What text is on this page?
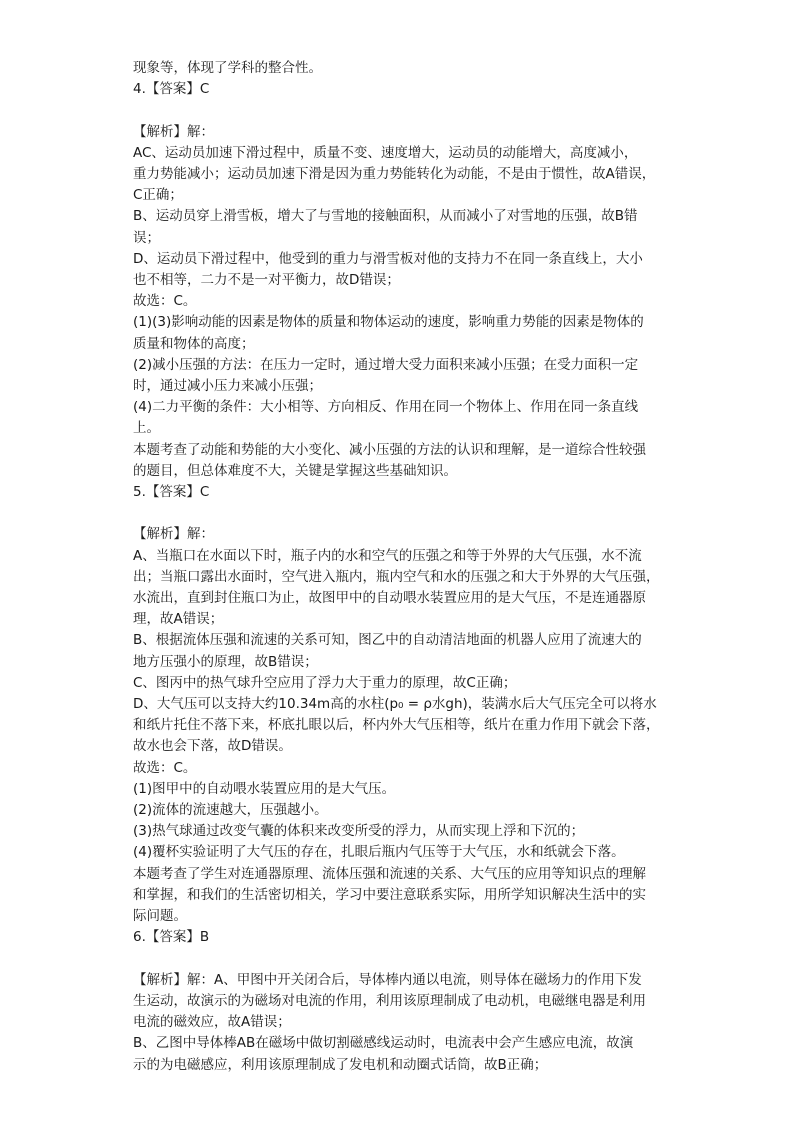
现象等，体现了学科的整合性。
4.【答案】C
【解析】解：
AC、运动员加速下滑过程中，质量不变、速度增大，运动员的动能增大，高度减小，
重力势能减小；运动员加速下滑是因为重力势能转化为动能，不是由于惯性，故A错误，
C正确；
B、运动员穿上滑雪板，增大了与雪地的接触面积，从而减小了对雪地的压强，故B错
误；
D、运动员下滑过程中，他受到的重力与滑雪板对他的支持力不在同一条直线上，大小
也不相等，二力不是一对平衡力，故D错误；
故选：C。
(1)(3)影响动能的因素是物体的质量和物体运动的速度，影响重力势能的因素是物体的
质量和物体的高度；
(2)减小压强的方法：在压力一定时，通过增大受力面积来减小压强；在受力面积一定
时，通过减小压力来减小压强；
(4)二力平衡的条件：大小相等、方向相反、作用在同一个物体上、作用在同一条直线
上。
本题考查了动能和势能的大小变化、减小压强的方法的认识和理解，是一道综合性较强
的题目，但总体难度不大，关键是掌握这些基础知识。
5.【答案】C
【解析】解：
A、当瓶口在水面以下时，瓶子内的水和空气的压强之和等于外界的大气压强，水不流
出；当瓶口露出水面时，空气进入瓶内，瓶内空气和水的压强之和大于外界的大气压强，
水流出，直到封住瓶口为止，故图甲中的自动喂水装置应用的是大气压，不是连通器原
理，故A错误；
B、根据流体压强和流速的关系可知，图乙中的自动清洁地面的机器人应用了流速大的
地方压强小的原理，故B错误；
C、图丙中的热气球升空应用了浮力大于重力的原理，故C正确；
D、大气压可以支持大约10.34m高的水柱(p₀ = ρ水gh)，装满水后大气压完全可以将水
和纸片托住不落下来，杯底扎眼以后，杯内外大气压相等，纸片在重力作用下就会下落，
故水也会下落，故D错误。
故选：C。
(1)图甲中的自动喂水装置应用的是大气压。
(2)流体的流速越大，压强越小。
(3)热气球通过改变气囊的体积来改变所受的浮力，从而实现上浮和下沉的；
(4)覆杯实验证明了大气压的存在，扎眼后瓶内气压等于大气压，水和纸就会下落。
本题考查了学生对连通器原理、流体压强和流速的关系、大气压的应用等知识点的理解
和掌握，和我们的生活密切相关，学习中要注意联系实际，用所学知识解决生活中的实
际问题。
6.【答案】B
【解析】解：A、甲图中开关闭合后，导体棒内通以电流，则导体在磁场力的作用下发
生运动，故演示的为磁场对电流的作用，利用该原理制成了电动机，电磁继电器是利用
电流的磁效应，故A错误；
B、乙图中导体棒AB在磁场中做切割磁感线运动时，电流表中会产生感应电流，故演
示的为电磁感应，利用该原理制成了发电机和动圈式话筒，故B正确；
